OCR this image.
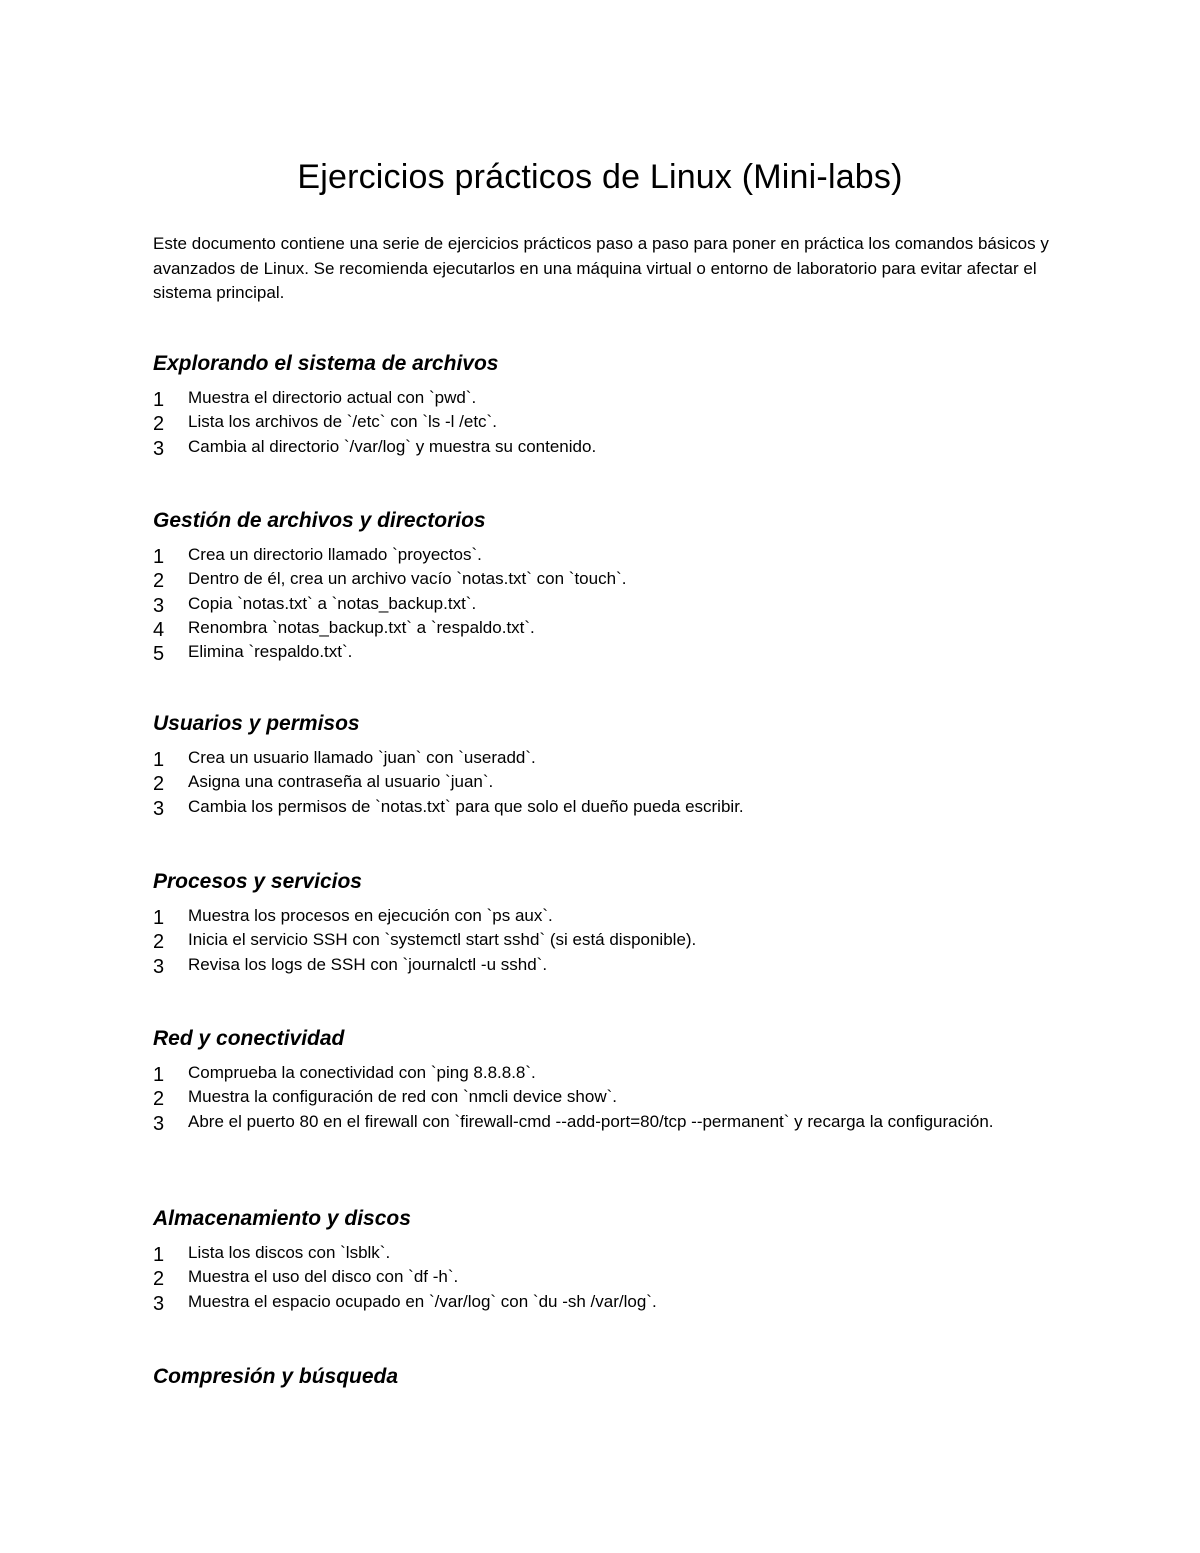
Ejercicios prácticos de Linux (Mini-labs)

Este documento contiene una serie de ejercicios prácticos paso a paso para poner en práctica los comandos básicos y avanzados de Linux. Se recomienda ejecutarlos en una máquina virtual o entorno de laboratorio para evitar afectar el sistema principal.

Explorando el sistema de archivos
1	Muestra el directorio actual con `pwd`.
2	Lista los archivos de `/etc` con `ls -l /etc`.
3	Cambia al directorio `/var/log` y muestra su contenido.
Gestión de archivos y directorios
1	Crea un directorio llamado `proyectos`.
2	Dentro de él, crea un archivo vacío `notas.txt` con `touch`.
3	Copia `notas.txt` a `notas_backup.txt`.
4	Renombra `notas_backup.txt` a `respaldo.txt`.
5	Elimina `respaldo.txt`.
Usuarios y permisos
1	Crea un usuario llamado `juan` con `useradd`.
2	Asigna una contraseña al usuario `juan`.
3	Cambia los permisos de `notas.txt` para que solo el dueño pueda escribir.
Procesos y servicios
1	Muestra los procesos en ejecución con `ps aux`.
2	Inicia el servicio SSH con `systemctl start sshd` (si está disponible).
3	Revisa los logs de SSH con `journalctl -u sshd`.
Red y conectividad
1	Comprueba la conectividad con `ping 8.8.8.8`.
2	Muestra la configuración de red con `nmcli device show`.
3	Abre el puerto 80 en el firewall con `firewall-cmd --add-port=80/tcp --permanent` y recarga la configuración.
Almacenamiento y discos
1	Lista los discos con `lsblk`.
2	Muestra el uso del disco con `df -h`.
3	Muestra el espacio ocupado en `/var/log` con `du -sh /var/log`.
Compresión y búsqueda
